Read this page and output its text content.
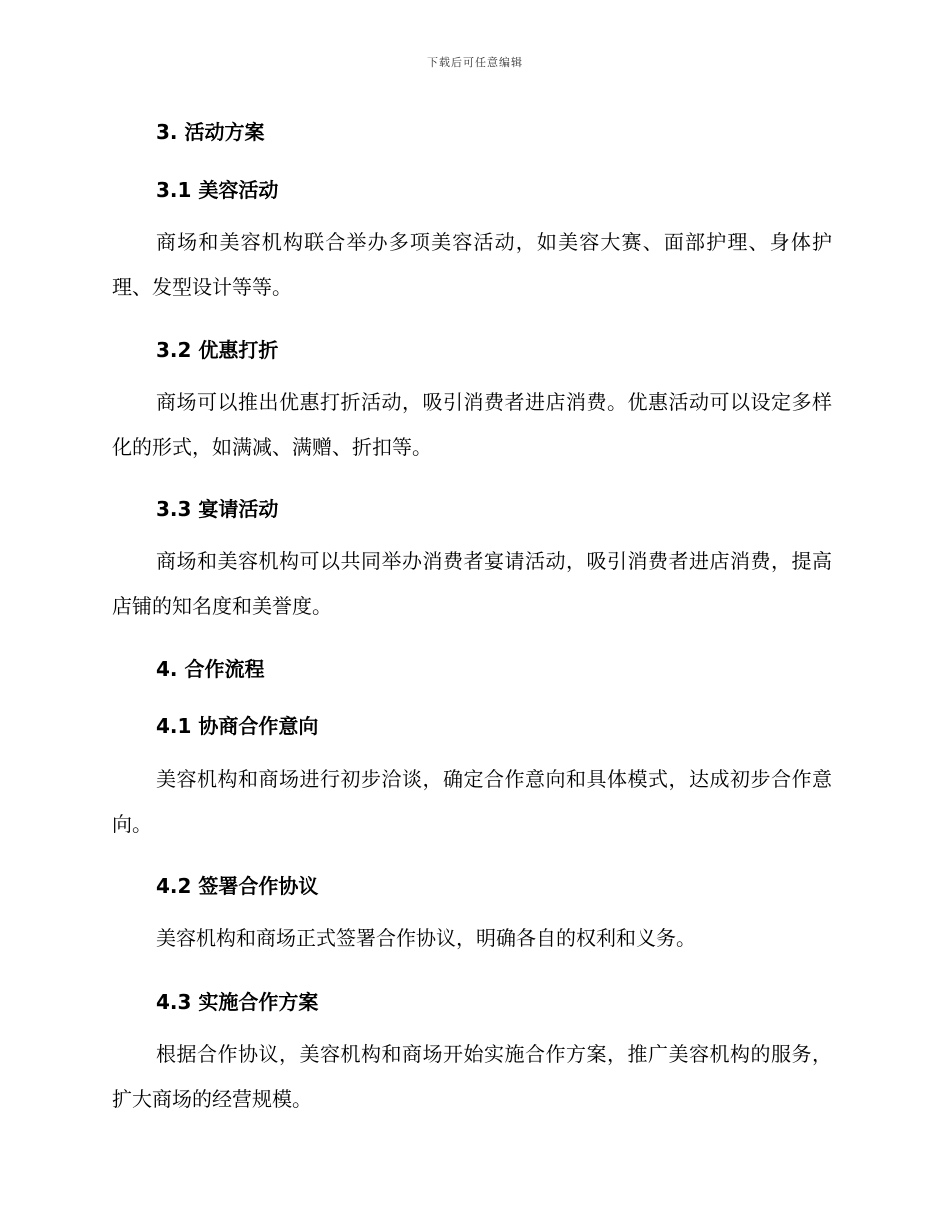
下载后可任意编辑
3. 活动方案
3.1 美容活动
商场和美容机构联合举办多项美容活动，如美容大赛、面部护理、身体护理、发型设计等等。
3.2 优惠打折
商场可以推出优惠打折活动，吸引消费者进店消费。优惠活动可以设定多样化的形式，如满减、满赠、折扣等。
3.3 宴请活动
商场和美容机构可以共同举办消费者宴请活动，吸引消费者进店消费，提高店铺的知名度和美誉度。
4. 合作流程
4.1 协商合作意向
美容机构和商场进行初步洽谈，确定合作意向和具体模式，达成初步合作意向。
4.2 签署合作协议
美容机构和商场正式签署合作协议，明确各自的权利和义务。
4.3 实施合作方案
根据合作协议，美容机构和商场开始实施合作方案，推广美容机构的服务，扩大商场的经营规模。
